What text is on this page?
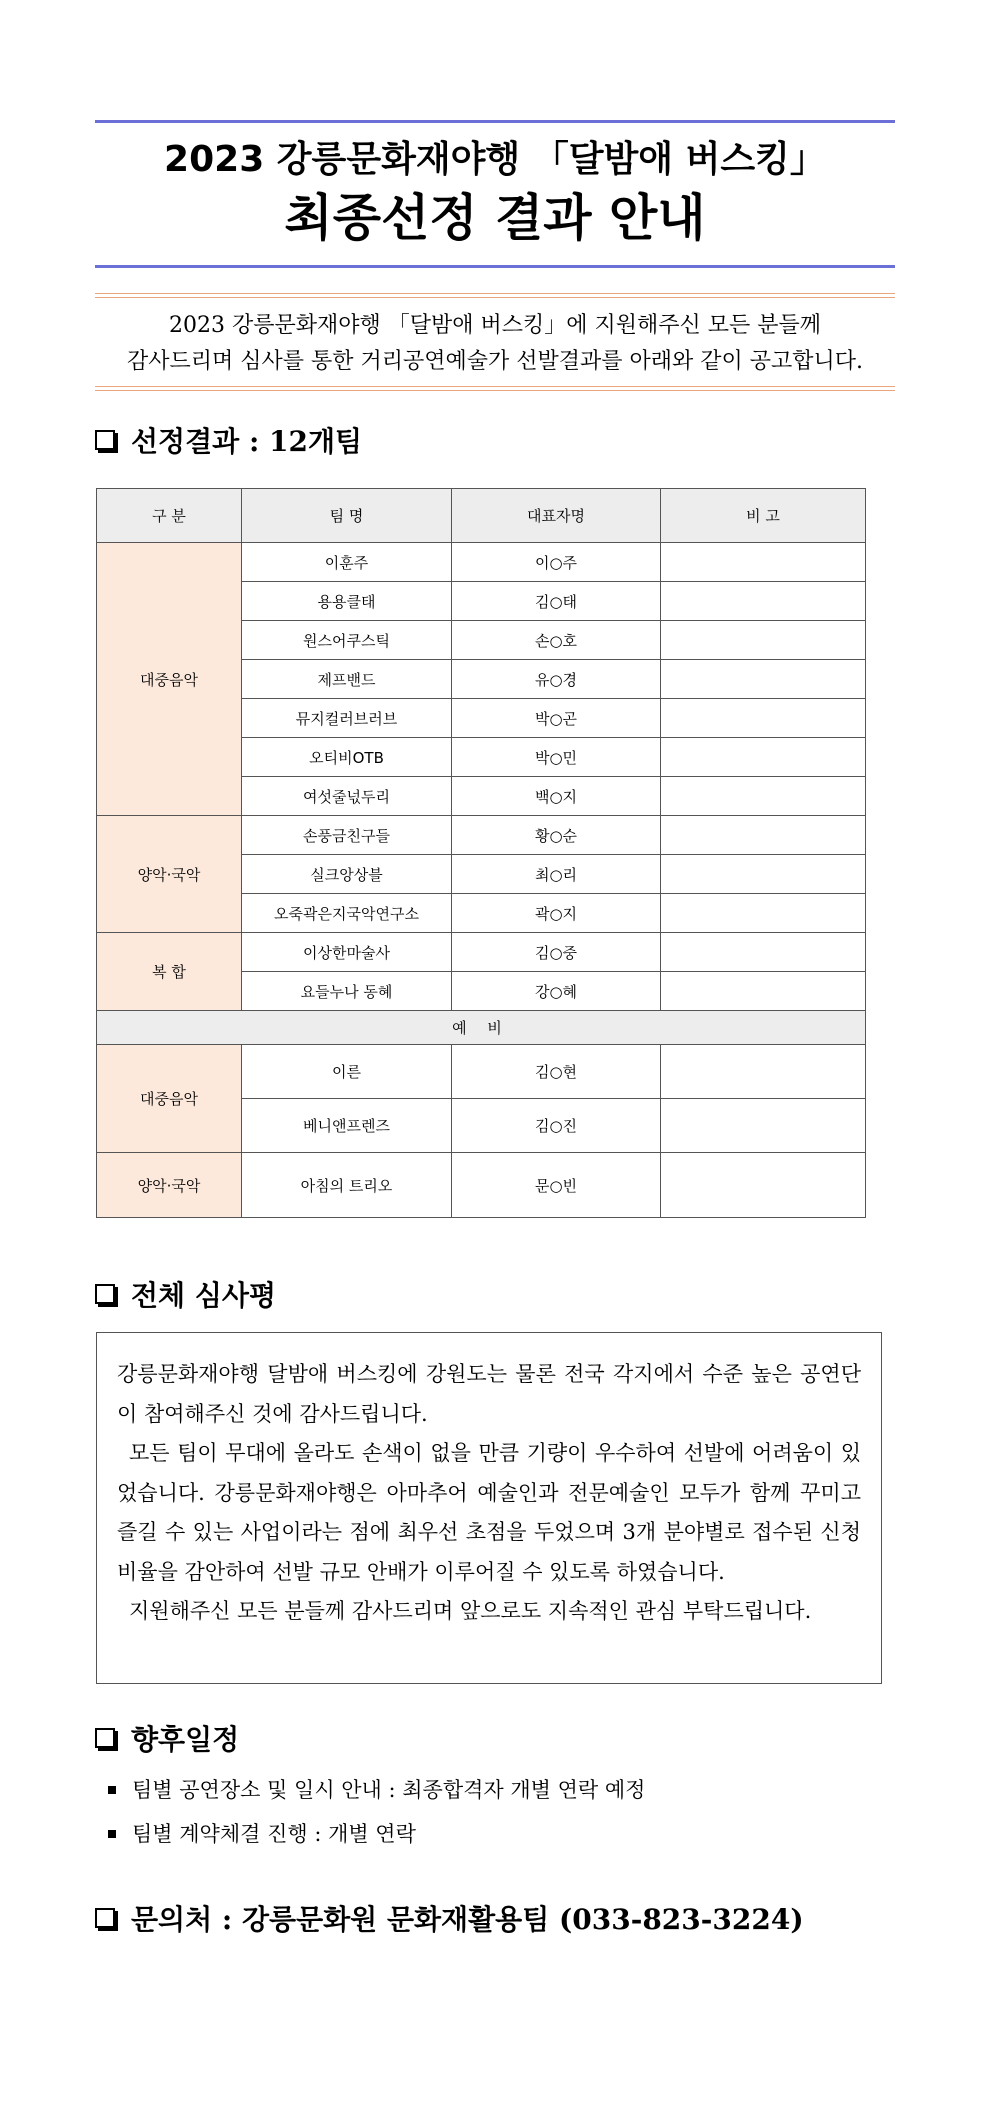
2023 강릉문화재야행 「달밤애 버스킹」
최종선정 결과 안내

2023 강릉문화재야행 「달밤애 버스킹」에 지원해주신 모든 분들께

감사드리며 심사를 통한 거리공연예술가 선발결과를 아래와 같이 공고합니다.

선정결과 : 12개팀
구 분	팀 명	대표자명	비 고
대중음악	이훈주	이○주	
	용용클태	김○태	
	원스어쿠스틱	손○호	
	제프밴드	유○경	
	뮤지컬러브러브	박○곤	
	오티비OTB	박○민	
	여섯줄넋두리	백○지	
양악·국악	손풍금친구들	황○순	
	실크앙상블	최○리	
	오죽곽은지국악연구소	곽○지	
복 합	이상한마술사	김○중	
	요들누나 동혜	강○혜	
예 비			
대중음악	이른	김○현	
	베니앤프렌즈	김○진	
양악·국악	아침의 트리오	문○빈	
전체 심사평

강릉문화재야행 달밤애 버스킹에 강원도는 물론 전국 각지에서 수준 높은 공연단이 참여해주신 것에 감사드립니다.

모든 팀이 무대에 올라도 손색이 없을 만큼 기량이 우수하여 선발에 어려움이 있었습니다. 강릉문화재야행은 아마추어 예술인과 전문예술인 모두가 함께 꾸미고 즐길 수 있는 사업이라는 점에 최우선 초점을 두었으며 3개 분야별로 접수된 신청 비율을 감안하여 선발 규모 안배가 이루어질 수 있도록 하였습니다.

지원해주신 모든 분들께 감사드리며 앞으로도 지속적인 관심 부탁드립니다.

향후일정
팀별 공연장소 및 일시 안내 : 최종합격자 개별 연락 예정
팀별 계약체결 진행 : 개별 연락
문의처 : 강릉문화원 문화재활용팀 (033-823-3224)
